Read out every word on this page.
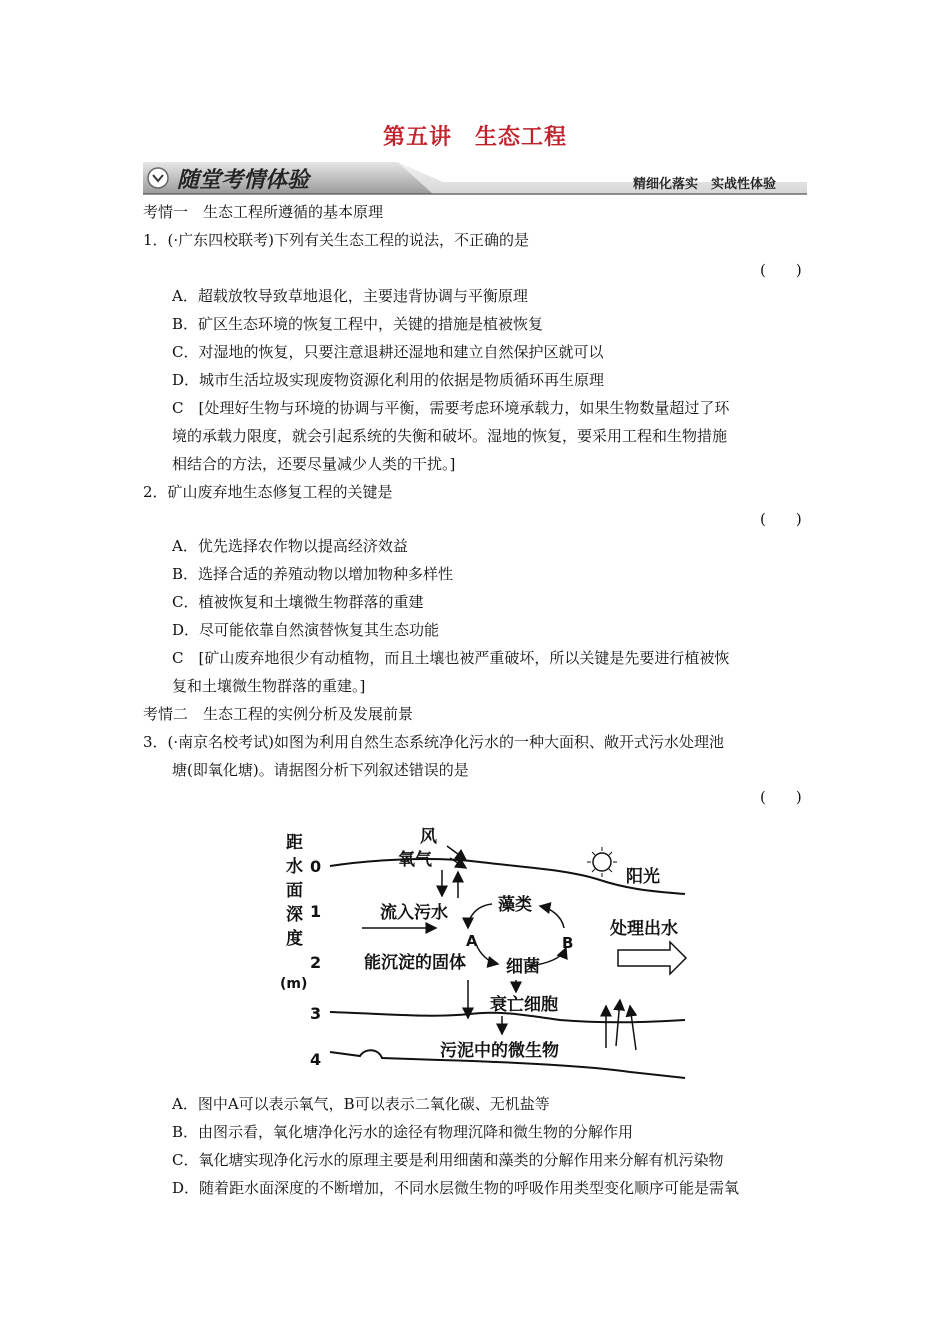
第五讲　生态工程
随堂考情体验	精细化落实　实战性体验
考情一　生态工程所遵循的基本原理
1．(·广东四校联考)下列有关生态工程的说法，不正确的是
(　　)
A．超载放牧导致草地退化，主要违背协调与平衡原理
B．矿区生态环境的恢复工程中，关键的措施是植被恢复
C．对湿地的恢复，只要注意退耕还湿地和建立自然保护区就可以
D．城市生活垃圾实现废物资源化利用的依据是物质循环再生原理
C　[处理好生物与环境的协调与平衡，需要考虑环境承载力，如果生物数量超过了环
境的承载力限度，就会引起系统的失衡和破坏。湿地的恢复，要采用工程和生物措施
相结合的方法，还要尽量减少人类的干扰。]
2．矿山废弃地生态修复工程的关键是
(　　)
A．优先选择农作物以提高经济效益
B．选择合适的养殖动物以增加物种多样性
C．植被恢复和土壤微生物群落的重建
D．尽可能依靠自然演替恢复其生态功能
C　[矿山废弃地很少有动植物，而且土壤也被严重破坏，所以关键是先要进行植被恢
复和土壤微生物群落的重建。]
考情二　生态工程的实例分析及发展前景
3．(·南京名校考试)如图为利用自然生态系统净化污水的一种大面积、敞开式污水处理池
塘(即氧化塘)。请据图分析下列叙述错误的是
(　　)
距
水
面
深
度
(m)
0
1
2
3
4
风
氧气
阳光
流入污水	藻类
A	B
细菌
能沉淀的固体
衰亡细胞
处理出水
污泥中的微生物
A．图中A可以表示氧气，B可以表示二氧化碳、无机盐等
B．由图示看，氧化塘净化污水的途径有物理沉降和微生物的分解作用
C．氧化塘实现净化污水的原理主要是利用细菌和藻类的分解作用来分解有机污染物
D．随着距水面深度的不断增加，不同水层微生物的呼吸作用类型变化顺序可能是需氧
